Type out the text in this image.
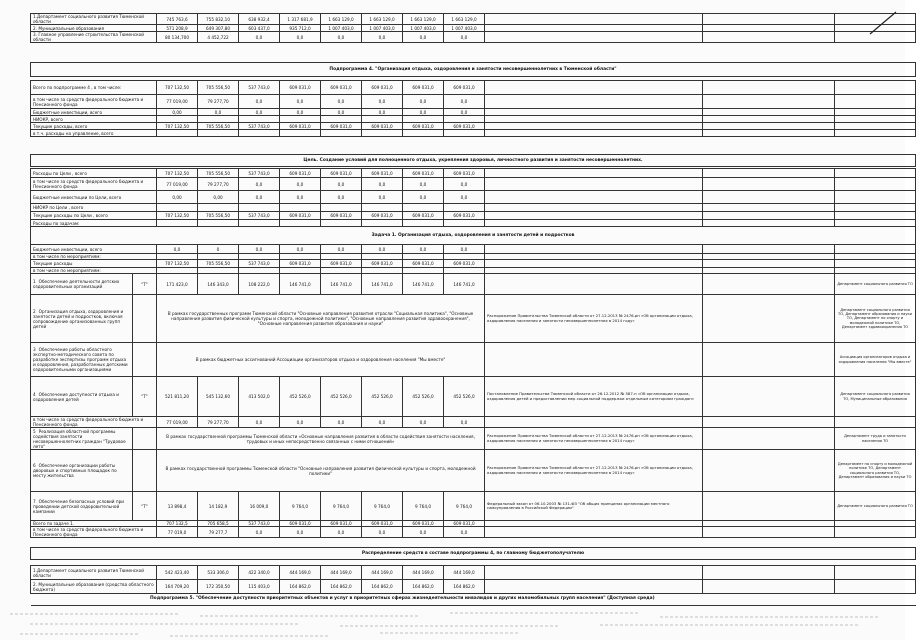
1.Департамент социального развития Тюменской области		745 763,6	755 832,10	638 932,4	1 317 681,9	1 663 129,0	1 663 129,0	1 663 129,0	1 663 129,0			
2. Муниципальные образования		571 208,9	649 307,80	603 437,0	935 712,0	1 007 403,0	1 007 403,0	1 007 403,0	1 007 403,0			
3. Главное управление строительства Тюменской области		80 134,700	4 452,722	0,0	0,0	0,0	0,0	0,0	0,0			

Подпрограмма 4. "Организация отдыха, оздоровления и занятости несовершеннолетних в Тюменской области"												

Всего по подпрограмме 4 , в том числе:		707 132,50	705 556,50	537 743,0	609 031,0	609 031,0	609 031,0	609 031,0	609 031,0			
в том числе за средств федерального бюджета и Пенсионного фонда		77 019,00	79 277,70	0,0	0,0	0,0	0,0	0,0	0,0			
Бюджетные инвестиции, всего		0,00	0,0	0,0	0,0	0,0	0,0	0,0	0,0			
НИОКР, всего												
Текущие расходы, всего		707 132,50	705 556,50	537 743,0	609 031,0	609 031,0	609 031,0	609 031,0	609 031,0			
в т.ч. расходы на управление, всего												

Цель. Создание условий для полноценного отдыха, укрепления здоровья, личностного развития и занятости несовершеннолетних.												

Расходы по Цели , всего		707 132,50	705 556,50	537 743,0	609 031,0	609 031,0	609 031,0	609 031,0	609 031,0			
в том числе за средств федерального бюджета и Пенсионного фонда		77 019,00	79 277,70	0,0	0,0	0,0	0,0	0,0	0,0			
Бюджетные инвестиции по Цели, всего		0,00	0,00	0,0	0,0	0,0	0,0	0,0	0,0			
НИОКР по Цели , всего												
Текущие расходы по Цели , всего		707 132,50	705 556,50	537 743,0	609 031,0	609 031,0	609 031,0	609 031,0	609 031,0			
Расходы по задачам:												
Задача 1. Организация отдыха, оздоровления и занятости детей и подростков												
Бюджетные инвестиции, всего		0,0	0	0,0	0,0	0,0	0,0	0,0	0,0			
в том числе по мероприятиям:												
Текущие расходы		707 132,50	705 556,50	537 743,0	609 031,0	609 031,0	609 031,0	609 031,0	609 031,0			
в том числе по мероприятиям:												
1 Обеспечение деятельности детских оздоровительных организаций	"Т"	171 423,0	146 343,0	108 222,0	146 741,0	146 741,0	146 741,0	146 741,0	146 741,0			Департамент социального развития ТО
2 Организация отдыха, оздоровления и занятости детей и подростков, включая сопровождение организованных групп детей		В рамках государственных программ Тюменской области "Основные направления развития отрасли "Социальная политика", "Основные направления развития физической культуры и спорта, молодежной политики", "Основные направления развития здравоохранения", "Основные направления развития образования и науки"								Распоряжение Правительства Тюменской области от 27.12.2013 № 2476-рп «Об организации отдыха, оздоровления населения и занятости несовершеннолетних в 2014 году»		Департамент социального развития ТО, Департамент образования и науки ТО, Департамент по спорту и молодежной политике ТО, Департамент здравоохранения ТО
3 Обеспечение работы областного экспертно-методического совета по разработке экспертизы программ отдыха и оздоровления, разработанных детскими оздоровительными организациями		В рамках бюджетных ассигнований Ассоциации организаторов отдыха и оздоровления населения "Мы вместе"										Ассоциация организаторов отдыха и оздоровления населения "Мы вместе"
4 Обеспечение доступности отдыха и оздоровления детей	"Т"	521 811,20	545 132,60	413 502,0	452 526,0	452 526,0	452 526,0	452 526,0	452 526,0	Постановление Правительства Тюменской области от 26.12.2012 № 587-п «Об организации отдыха, оздоровления детей и предоставлении мер социальной поддержки отдельным категориям граждан»		Департамент социального развития ТО, Муниципальные образования
в том числе за средств федерального бюджета и Пенсионного фонда		77 019,00	79 277,70	0,0	0,0	0,0	0,0	0,0	0,0			
5 Реализация областной программы содействия занятости несовершеннолетних граждан "Трудовое лето"		В рамках государственной программы Тюменской области «Основные направления развития в области содействия занятости населения, трудовых и иных непосредственно связанных с ними отношений»								Распоряжение Правительства Тюменской области от 27.12.2013 № 2476-рп «Об организации отдыха, оздоровления населения и занятости несовершеннолетних в 2014 году»		Департамент труда и занятости населения ТО
6 Обеспечение организации работы дворовых и спортивных площадок по месту жительства		В рамках государственной программы Тюменской области "Основные направления развития физической культуры и спорта, молодежной политики"								Распоряжение Правительства Тюменской области от 27.12.2013 № 2476-рп «Об организации отдыха, оздоровления населения и занятости несовершеннолетних в 2014 году»		Департамент по спорту и молодежной политике ТО, Департамент социального развития ТО, Департамент образования и науки ТО
7 Обеспечение безопасных условий при проведении детской оздоровительной кампании	"Т"	13 898,4	14 182,9	16 009,0	9 764,0	9 764,0	9 764,0	9 764,0	9 764,0	Федеральный закон от 06.10.2003 № 131-ФЗ "Об общих принципах организации местного самоуправления в Российской Федерации"		Департамент социального развития ТО
Всего по задаче 1.		707 132,5	705 658,5	537 743,0	609 031,0	609 031,0	609 031,0	609 031,0	609 031,0			
в том числе за средств федерального бюджета и Пенсионного фонда		77 019,0	79 277,7	0,0	0,0	0,0	0,0	0,0	0,0			

Распределение средств в составе подпрограммы 4, по главному бюджетополучателю												

1.Департамент социального развития Тюменской области		542 423,40	533 306,0	422 340,0	444 169,0	444 169,0	444 169,0	444 169,0	444 169,0			
2. Муниципальные образования (средства областного бюджета)		164 709,20	172 350,50	115 403,0	164 862,0	164 862,0	164 862,0	164 862,0	164 862,0			

Подпрограмма 5. "Обеспечение доступности приоритетных объектов и услуг в приоритетных сферах жизнедеятельности инвалидов и других маломобильных групп населения" (Доступная среда)
